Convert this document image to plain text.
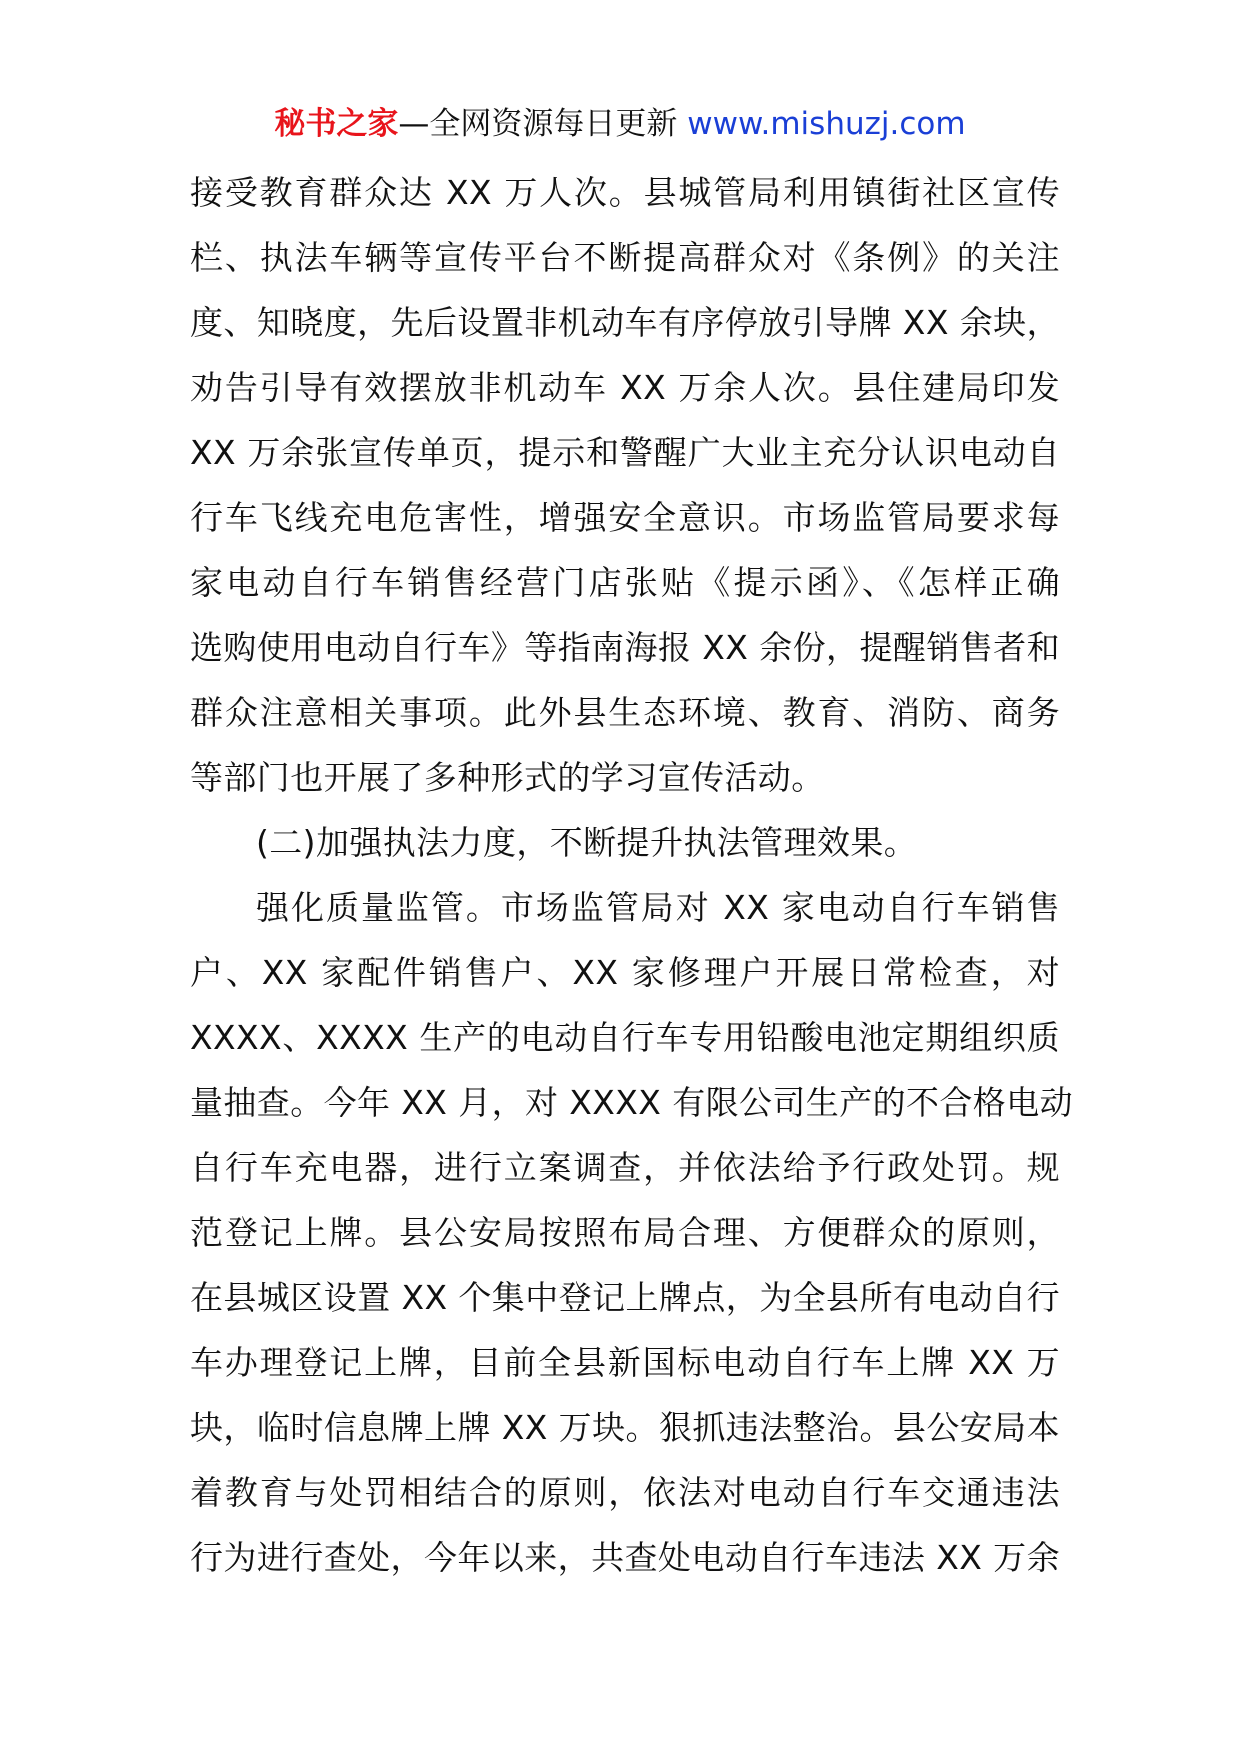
秘书之家—全网资源每日更新 www.mishuzj.com
接受教育群众达 XX 万人次。县城管局利用镇街社区宣传
栏、执法车辆等宣传平台不断提高群众对《条例》的关注
度、知晓度，先后设置非机动车有序停放引导牌 XX 余块，
劝告引导有效摆放非机动车 XX 万余人次。县住建局印发
XX 万余张宣传单页，提示和警醒广大业主充分认识电动自
行车飞线充电危害性，增强安全意识。市场监管局要求每
家电动自行车销售经营门店张贴《提示函》、《怎样正确
选购使用电动自行车》等指南海报 XX 余份，提醒销售者和
群众注意相关事项。此外县生态环境、教育、消防、商务
等部门也开展了多种形式的学习宣传活动。
(二)加强执法力度，不断提升执法管理效果。
强化质量监管。市场监管局对 XX 家电动自行车销售
户、XX 家配件销售户、XX 家修理户开展日常检查，对
XXXX、XXXX 生产的电动自行车专用铅酸电池定期组织质
量抽查。今年 XX 月，对 XXXX 有限公司生产的不合格电动
自行车充电器，进行立案调查，并依法给予行政处罚。规
范登记上牌。县公安局按照布局合理、方便群众的原则，
在县城区设置 XX 个集中登记上牌点，为全县所有电动自行
车办理登记上牌，目前全县新国标电动自行车上牌 XX 万
块，临时信息牌上牌 XX 万块。狠抓违法整治。县公安局本
着教育与处罚相结合的原则，依法对电动自行车交通违法
行为进行查处，今年以来，共查处电动自行车违法 XX 万余
